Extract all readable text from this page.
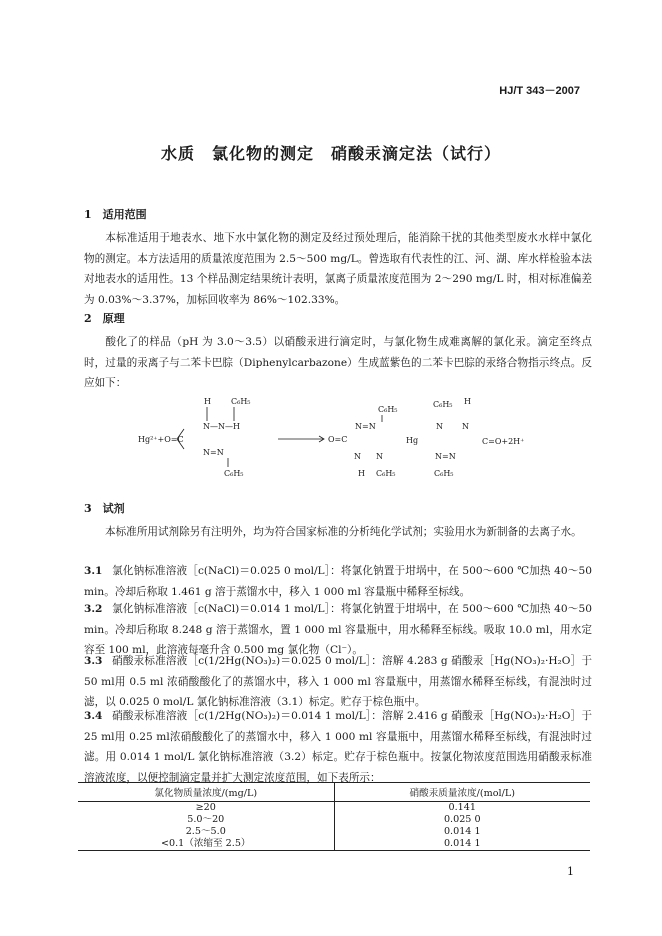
HJ/T 343－2007
水质　氯化物的测定　硝酸汞滴定法（试行）
1　适用范围
本标准适用于地表水、地下水中氯化物的测定及经过预处理后，能消除干扰的其他类型废水水样中氯化物的测定。本方法适用的质量浓度范围为 2.5～500 mg/L。曾选取有代表性的江、河、湖、库水样检验本法对地表水的适用性。13 个样品测定结果统计表明，氯离子质量浓度范围为 2～290 mg/L 时，相对标准偏差为 0.03%～3.37%，加标回收率为 86%～102.33%。
2　原理
酸化了的样品（pH 为 3.0～3.5）以硝酸汞进行滴定时，与氯化物生成难离解的氯化汞。滴定至终点时，过量的汞离子与二苯卡巴腙（Diphenylcarbazone）生成蓝紫色的二苯卡巴腙的汞络合物指示终点。反应如下：
Hg²⁺+O=C
H	C₆H₅
N—N—H
N=N
C₆H₅
O=C
N=N
C₆H₅
Hg
N N
H C₆H₅
C₆H₅ H
N N
N=N
C=O+2H⁺
C₆H₅
3　试剂
本标准所用试剂除另有注明外，均为符合国家标准的分析纯化学试剂；实验用水为新制备的去离子水。
3.1 氯化钠标准溶液［c(NaCl)＝0.025 0 mol/L］：将氯化钠置于坩埚中，在 500～600 ℃加热 40～50 min。冷却后称取 1.461 g 溶于蒸馏水中，移入 1 000 ml 容量瓶中稀释至标线。
3.2 氯化钠标准溶液［c(NaCl)＝0.014 1 mol/L］：将氯化钠置于坩埚中，在 500～600 ℃加热 40～50 min。冷却后称取 8.248 g 溶于蒸馏水，置 1 000 ml 容量瓶中，用水稀释至标线。吸取 10.0 ml，用水定容至 100 ml，此溶液每毫升含 0.500 mg 氯化物（Cl⁻）。
3.3 硝酸汞标准溶液［c(1/2Hg(NO₃)₂)＝0.025 0 mol/L］：溶解 4.283 g 硝酸汞［Hg(NO₃)₂·H₂O］于 50 ml用 0.5 ml 浓硝酸酸化了的蒸馏水中，移入 1 000 ml 容量瓶中，用蒸馏水稀释至标线，有混浊时过滤，以 0.025 0 mol/L 氯化钠标准溶液（3.1）标定。贮存于棕色瓶中。
3.4 硝酸汞标准溶液［c(1/2Hg(NO₃)₂)＝0.014 1 mol/L］：溶解 2.416 g 硝酸汞［Hg(NO₃)₂·H₂O］于 25 ml用 0.25 ml浓硝酸酸化了的蒸馏水中，移入 1 000 ml 容量瓶中，用蒸馏水稀释至标线，有混浊时过滤。用 0.014 1 mol/L 氯化钠标准溶液（3.2）标定。贮存于棕色瓶中。按氯化物浓度范围选用硝酸汞标准溶液浓度，以便控制滴定量并扩大测定浓度范围，如下表所示：
氯化物质量浓度/(mg/L)	硝酸汞质量浓度/(mol/L)
≥20	0.141
5.0～20	0.025 0
2.5～5.0	0.014 1
<0.1（浓缩至 2.5）	0.014 1
1
